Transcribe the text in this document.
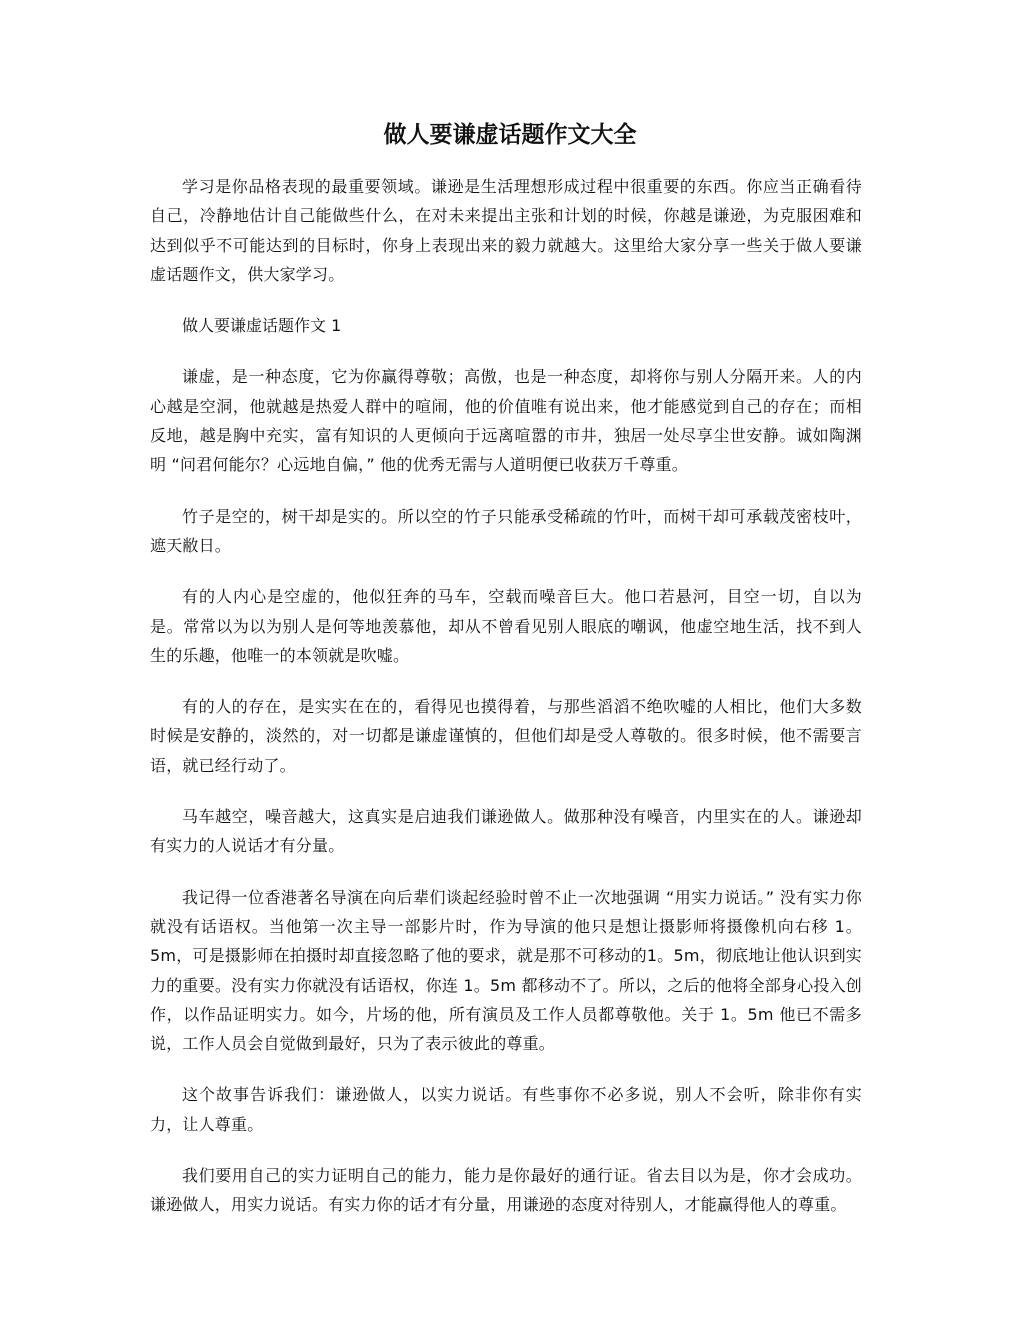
做人要谦虚话题作文大全

学习是你品格表现的最重要领域。谦逊是生活理想形成过程中很重要的东西。你应当正确看待自己，冷静地估计自己能做些什么，在对未来提出主张和计划的时候，你越是谦逊，为克服困难和达到似乎不可能达到的目标时，你身上表现出来的毅力就越大。这里给大家分享一些关于做人要谦虚话题作文，供大家学习。

做人要谦虚话题作文 1

谦虚，是一种态度，它为你赢得尊敬；高傲，也是一种态度，却将你与别人分隔开来。人的内心越是空洞，他就越是热爱人群中的喧闹，他的价值唯有说出来，他才能感觉到自己的存在；而相反地，越是胸中充实，富有知识的人更倾向于远离喧嚣的市井，独居一处尽享尘世安静。诚如陶渊明 “问君何能尔？心远地自偏，” 他的优秀无需与人道明便已收获万千尊重。

竹子是空的，树干却是实的。所以空的竹子只能承受稀疏的竹叶，而树干却可承载茂密枝叶，遮天敝日。

有的人内心是空虚的，他似狂奔的马车，空载而噪音巨大。他口若悬河，目空一切，自以为是。常常以为以为别人是何等地羡慕他，却从不曾看见别人眼底的嘲讽，他虚空地生活，找不到人生的乐趣，他唯一的本领就是吹嘘。

有的人的存在，是实实在在的，看得见也摸得着，与那些滔滔不绝吹嘘的人相比，他们大多数时候是安静的，淡然的，对一切都是谦虚谨慎的，但他们却是受人尊敬的。很多时候，他不需要言语，就已经行动了。

马车越空，噪音越大，这真实是启迪我们谦逊做人。做那种没有噪音，内里实在的人。谦逊却有实力的人说话才有分量。

我记得一位香港著名导演在向后辈们谈起经验时曾不止一次地强调 “用实力说话。” 没有实力你就没有话语权。当他第一次主导一部影片时，作为导演的他只是想让摄影师将摄像机向右移 1。5m，可是摄影师在拍摄时却直接忽略了他的要求，就是那不可移动的1。5m，彻底地让他认识到实力的重要。没有实力你就没有话语权，你连 1。5m 都移动不了。所以，之后的他将全部身心投入创作，以作品证明实力。如今，片场的他，所有演员及工作人员都尊敬他。关于 1。5m 他已不需多说，工作人员会自觉做到最好，只为了表示彼此的尊重。

这个故事告诉我们：谦逊做人，以实力说话。有些事你不必多说，别人不会听，除非你有实力，让人尊重。

我们要用自己的实力证明自己的能力，能力是你最好的通行证。省去目以为是，你才会成功。谦逊做人，用实力说话。有实力你的话才有分量，用谦逊的态度对待别人，才能赢得他人的尊重。
